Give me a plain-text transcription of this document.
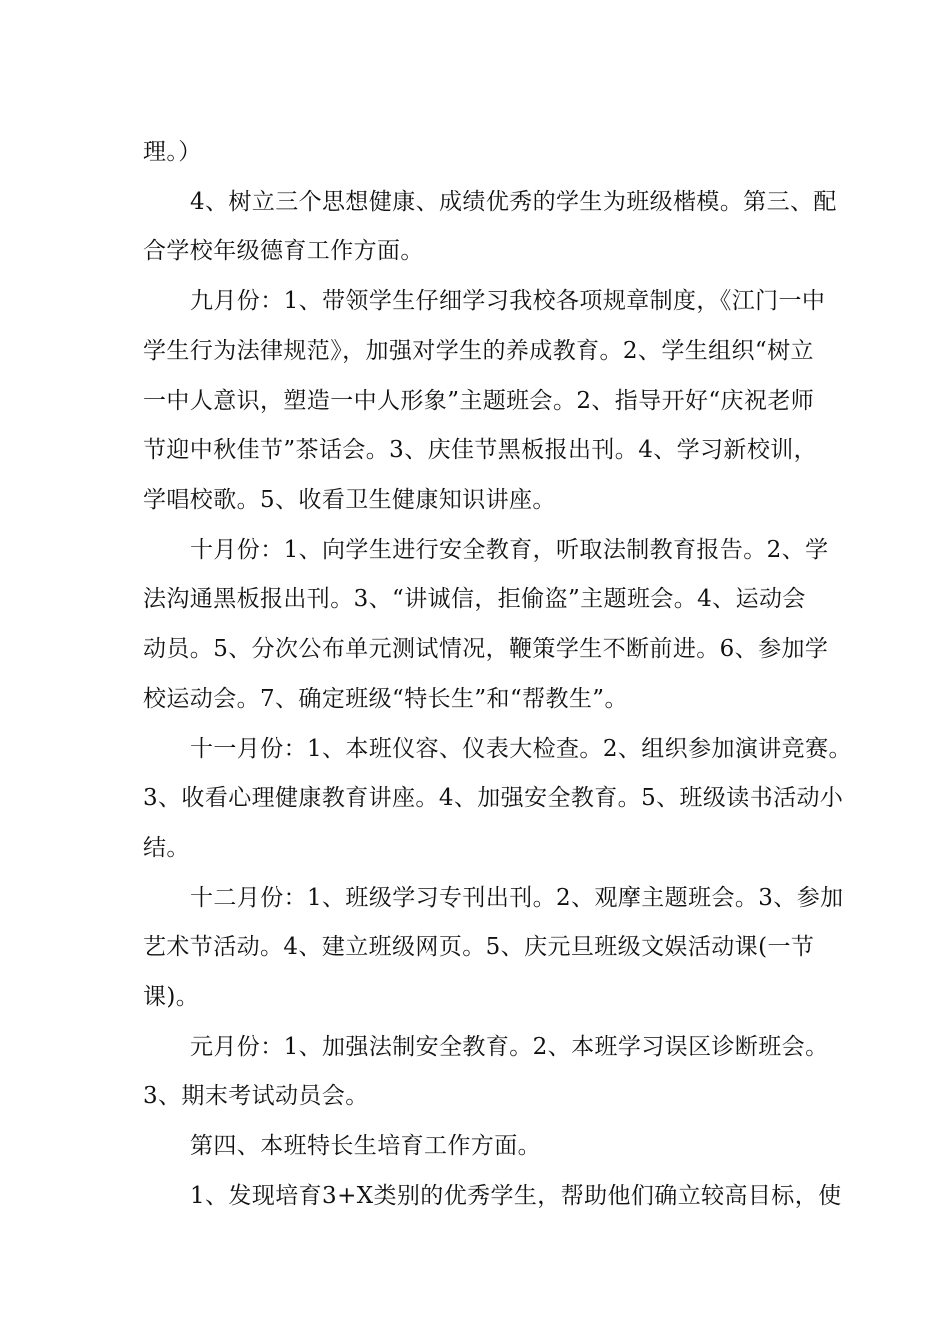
理。）
4、树立三个思想健康、成绩优秀的学生为班级楷模。第三、配
合学校年级德育工作方面。
九月份：1、带领学生仔细学习我校各项规章制度，《江门一中
学生行为法律规范》，加强对学生的养成教育。2、学生组织“树立
一中人意识，塑造一中人形象”主题班会。2、指导开好“庆祝老师
节迎中秋佳节”茶话会。3、庆佳节黑板报出刊。4、学习新校训，
学唱校歌。5、收看卫生健康知识讲座。
十月份：1、向学生进行安全教育，听取法制教育报告。2、学
法沟通黑板报出刊。3、“讲诚信，拒偷盗”主题班会。4、运动会
动员。5、分次公布单元测试情况，鞭策学生不断前进。6、参加学
校运动会。7、确定班级“特长生”和“帮教生”。
十一月份：1、本班仪容、仪表大检查。2、组织参加演讲竞赛。
3、收看心理健康教育讲座。4、加强安全教育。5、班级读书活动小
结。
十二月份：1、班级学习专刊出刊。2、观摩主题班会。3、参加
艺术节活动。4、建立班级网页。5、庆元旦班级文娱活动课(一节
课)。
元月份：1、加强法制安全教育。2、本班学习误区诊断班会。
3、期末考试动员会。
第四、本班特长生培育工作方面。
1、发现培育3+X类别的优秀学生，帮助他们确立较高目标，使
